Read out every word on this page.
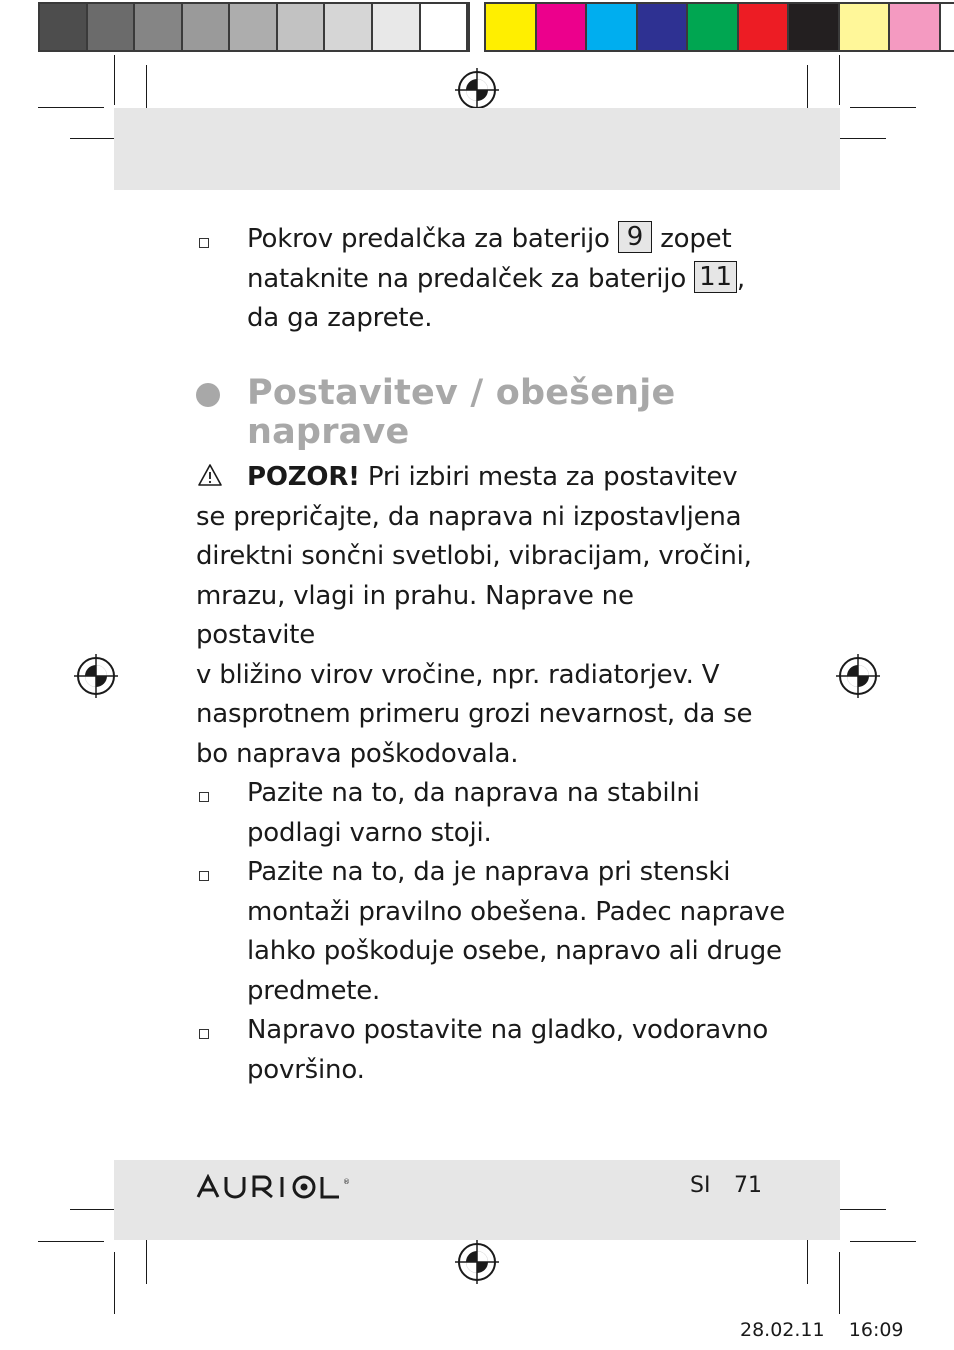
Pokrov predalčka za baterijo 9 zopet
nataknite na predalček za baterijo 11 ,
da ga zaprete.
Postavitev / obešenje
naprave
POZOR! Pri izbiri mesta za postavitev
se prepričajte, da naprava ni izpostavljena
direktni sončni svetlobi, vibracijam, vročini,
mrazu, vlagi in prahu. Naprave ne postavite
v bližino virov vročine, npr. radiatorjev. V
nasprotnem primeru grozi nevarnost, da se
bo naprava poškodovala.
Pazite na to, da naprava na stabilni
podlagi varno stoji.
Pazite na to, da je naprava pri stenski
montaži pravilno obešena. Padec naprave
lahko poškoduje osebe, napravo ali druge
predmete.
Napravo postavite na gladko, vodoravno
površino.
®	SI 71
28.02.11    16:09
